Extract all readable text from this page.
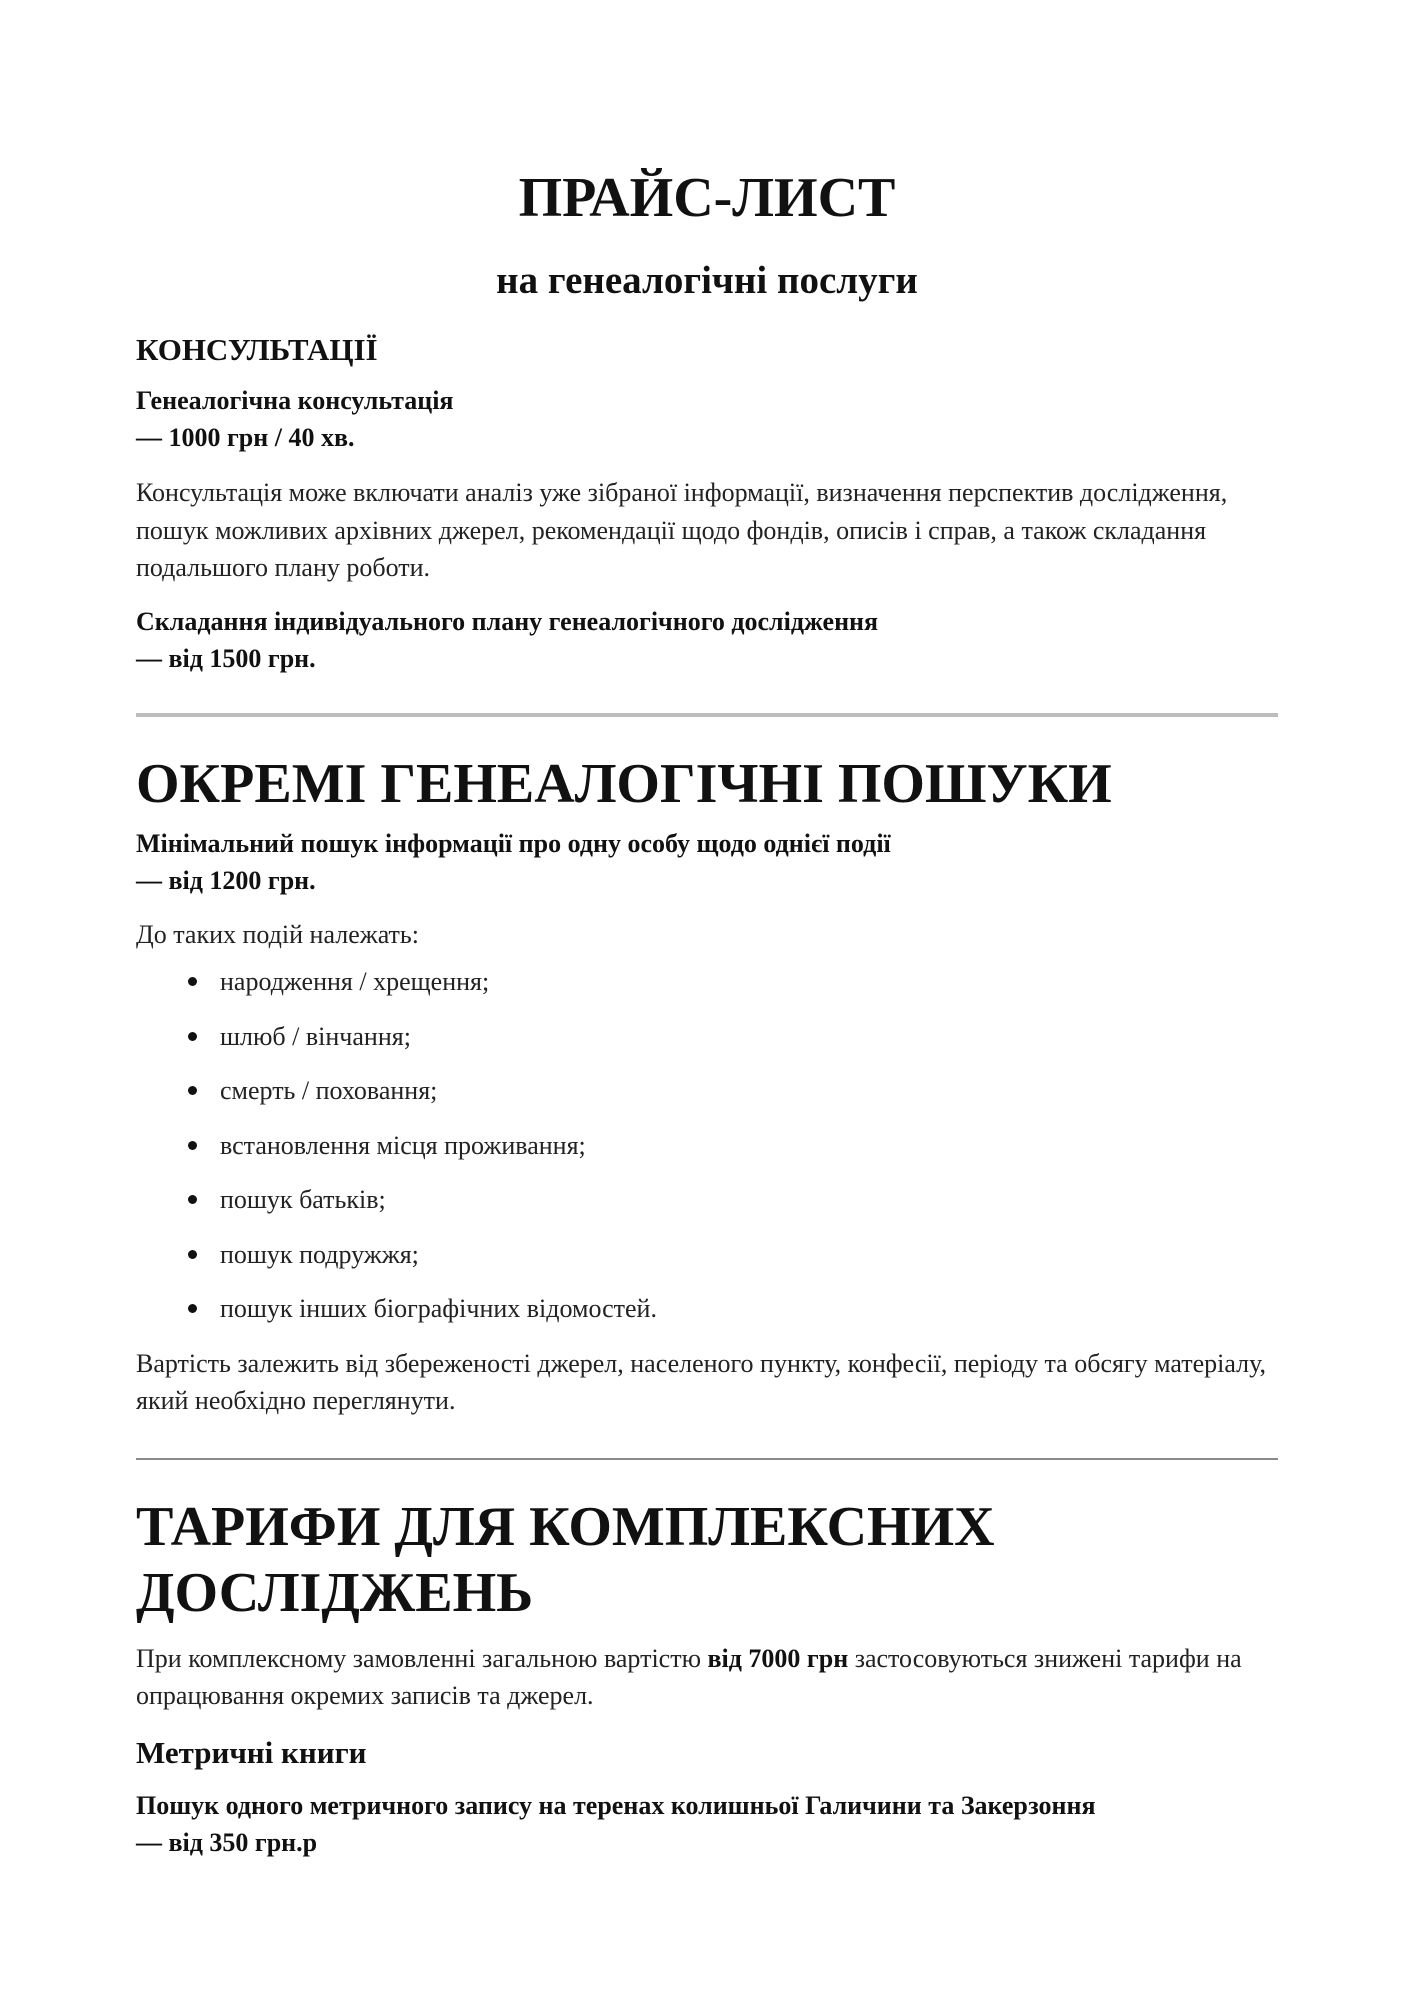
ПРАЙС-ЛИСТ
на генеалогічні послуги
КОНСУЛЬТАЦІЇ
Генеалогічна консультація
— 1000 грн / 40 хв.

Консультація може включати аналіз уже зібраної інформації, визначення перспектив дослідження, пошук можливих архівних джерел, рекомендації щодо фондів, описів і справ, а також складання подальшого плану роботи.

Складання індивідуального плану генеалогічного дослідження
— від 1500 грн.
ОКРЕМІ ГЕНЕАЛОГІЧНІ ПОШУКИ
Мінімальний пошук інформації про одну особу щодо однієї події
— від 1200 грн.

До таких подій належать:

народження / хрещення;
шлюб / вінчання;
смерть / поховання;
встановлення місця проживання;
пошук батьків;
пошук подружжя;
пошук інших біографічних відомостей.

Вартість залежить від збереженості джерел, населеного пункту, конфесії, періоду та обсягу матеріалу, який необхідно переглянути.

ТАРИФИ ДЛЯ КОМПЛЕКСНИХ ДОСЛІДЖЕНЬ

При комплексному замовленні загальною вартістю від 7000 грн застосовуються знижені тарифи на опрацювання окремих записів та джерел.

Метричні книги
Пошук одного метричного запису на теренах колишньої Галичини та Закерзоння
— від 350 грн.р
